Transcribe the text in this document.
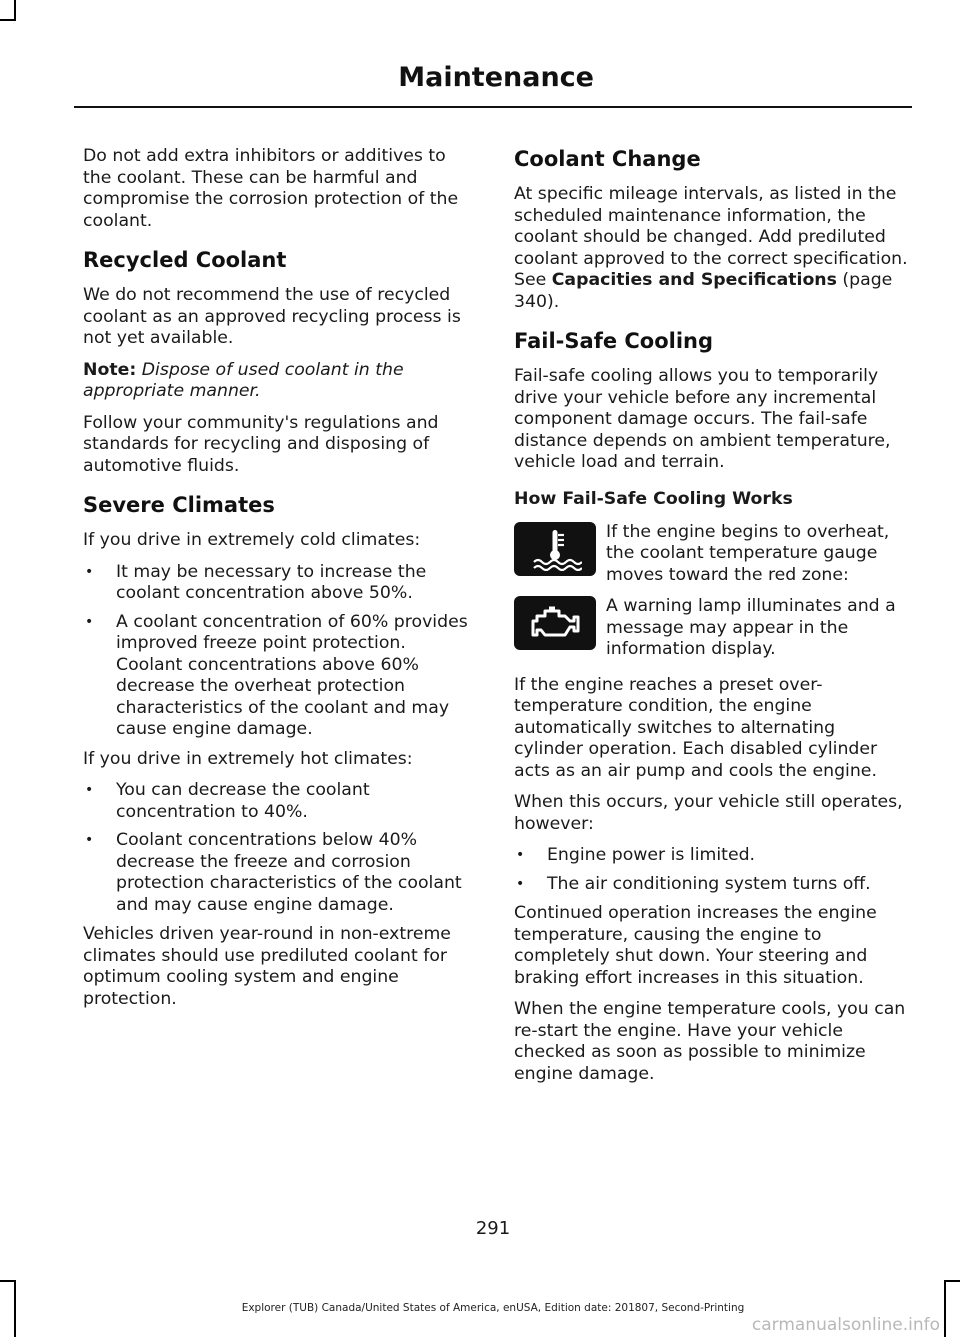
Maintenance

Do not add extra inhibitors or additives to the coolant. These can be harmful and compromise the corrosion protection of the coolant.

Recycled Coolant

We do not recommend the use of recycled coolant as an approved recycling process is not yet available.

Note: Dispose of used coolant in the appropriate manner.

Follow your community's regulations and standards for recycling and disposing of automotive fluids.

Severe Climates

If you drive in extremely cold climates:

• It may be necessary to increase the coolant concentration above 50%.
• A coolant concentration of 60% provides improved freeze point protection. Coolant concentrations above 60% decrease the overheat protection characteristics of the coolant and may cause engine damage.

If you drive in extremely hot climates:

• You can decrease the coolant concentration to 40%.
• Coolant concentrations below 40% decrease the freeze and corrosion protection characteristics of the coolant and may cause engine damage.

Vehicles driven year-round in non-extreme climates should use prediluted coolant for optimum cooling system and engine protection.

Coolant Change

At specific mileage intervals, as listed in the scheduled maintenance information, the coolant should be changed. Add prediluted coolant approved to the correct specification. See Capacities and Specifications (page 340).

Fail-Safe Cooling

Fail-safe cooling allows you to temporarily drive your vehicle before any incremental component damage occurs. The fail-safe distance depends on ambient temperature, vehicle load and terrain.

How Fail-Safe Cooling Works

If the engine begins to overheat, the coolant temperature gauge moves toward the red zone:

A warning lamp illuminates and a message may appear in the information display.

If the engine reaches a preset over-temperature condition, the engine automatically switches to alternating cylinder operation. Each disabled cylinder acts as an air pump and cools the engine.

When this occurs, your vehicle still operates, however:

• Engine power is limited.
• The air conditioning system turns off.

Continued operation increases the engine temperature, causing the engine to completely shut down. Your steering and braking effort increases in this situation.

When the engine temperature cools, you can re-start the engine. Have your vehicle checked as soon as possible to minimize engine damage.

291
Explorer (TUB) Canada/United States of America, enUSA, Edition date: 201807, Second-Printing
carmanualsonline.info
